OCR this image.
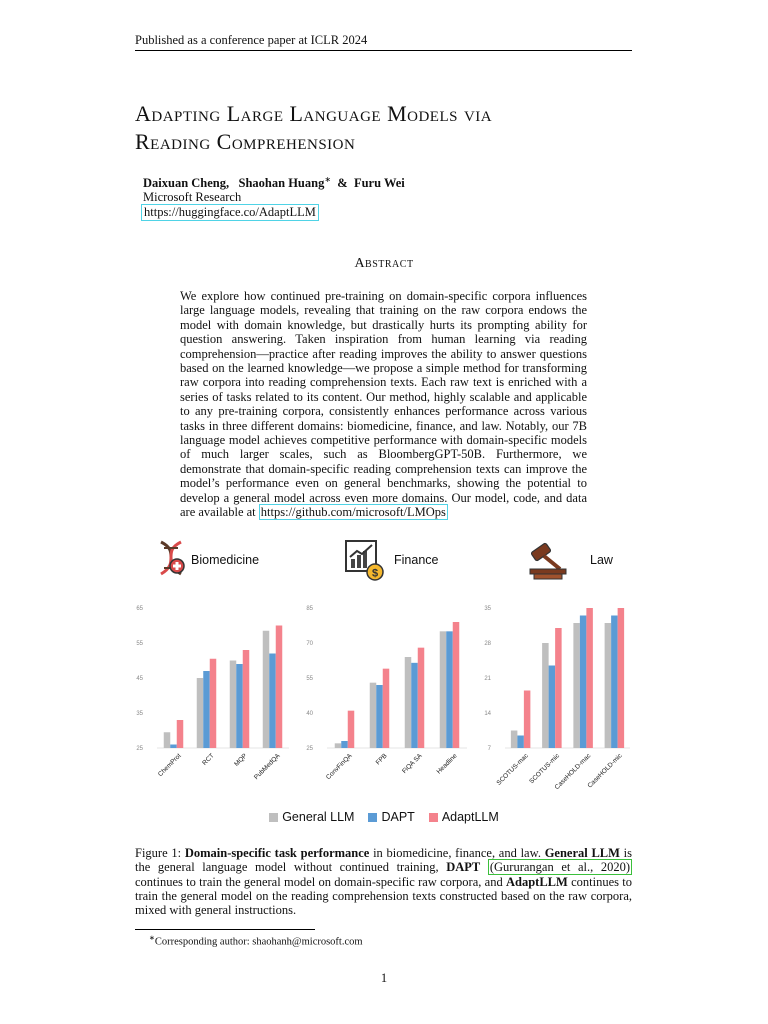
Published as a conference paper at ICLR 2024
Adapting Large Language Models via
Reading Comprehension
Daixuan Cheng, Shaohan Huang∗ & Furu Wei
Microsoft Research
https://huggingface.co/AdaptLLM
Abstract
We explore how continued pre-training on domain-specific corpora influences large language models, revealing that training on the raw corpora endows the model with domain knowledge, but drastically hurts its prompting ability for question answering. Taken inspiration from human learning via reading comprehension—practice after reading improves the ability to answer questions based on the learned knowledge—we propose a simple method for transforming raw corpora into reading comprehension texts. Each raw text is enriched with a series of tasks related to its content. Our method, highly scalable and applicable to any pre-training corpora, consistently enhances performance across various tasks in three different domains: biomedicine, finance, and law. Notably, our 7B language model achieves competitive performance with domain-specific models of much larger scales, such as BloombergGPT-50B. Furthermore, we demonstrate that domain-specific reading comprehension texts can improve the model’s performance even on general benchmarks, showing the potential to develop a general model across even more domains. Our model, code, and data are available at https://github.com/microsoft/LMOps
Biomedicine
$
Finance	Law
25
35
45
55
65
ChemProt	RCT	MQP PubMedQA
25
40
55
70
85
ConvFinQA	FPB FiQA SA Headline
7
14
21
28
35
SCOTUS-mac
SCOTUS-mic
CaseHOLD-mac
CaseHOLD-mic
General LLM DAPT AdaptLLM
Figure 1: Domain-specific task performance in biomedicine, finance, and law. General LLM is the general language model without continued training, DAPT (Gururangan et al., 2020) continues to train the general model on domain-specific raw corpora, and AdaptLLM continues to train the general model on the reading comprehension texts constructed based on the raw corpora, mixed with general instructions.
∗Corresponding author: shaohanh@microsoft.com
1
